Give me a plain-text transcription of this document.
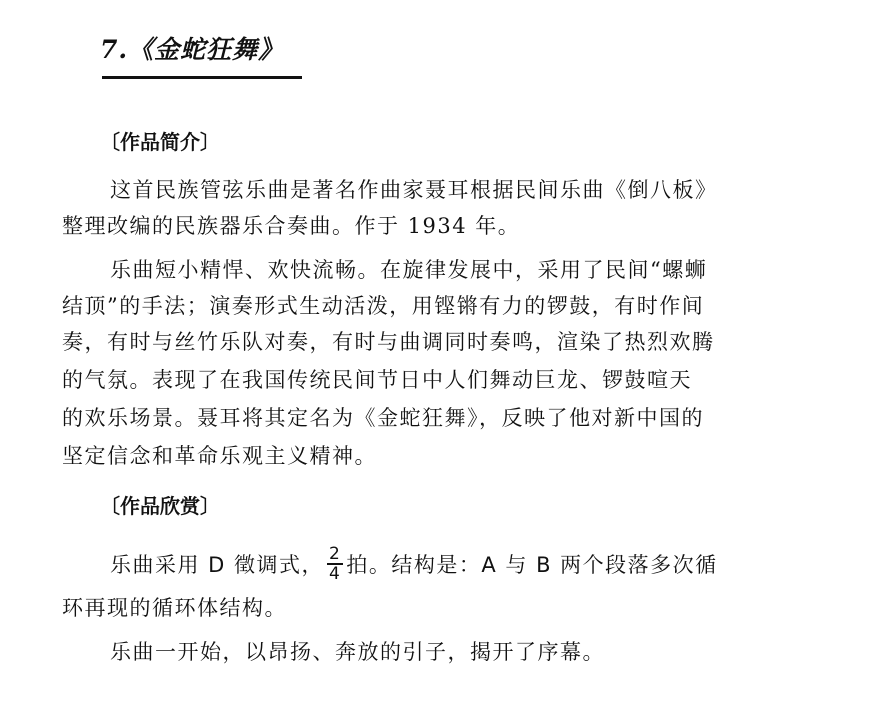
7.《金蛇狂舞》
〔作品简介〕
这首民族管弦乐曲是著名作曲家聂耳根据民间乐曲《倒八板》
整理改编的民族器乐合奏曲。作于 1934 年。
乐曲短小精悍、欢快流畅。在旋律发展中，采用了民间“螺蛳
结顶”的手法；演奏形式生动活泼，用铿锵有力的锣鼓，有时作间
奏，有时与丝竹乐队对奏，有时与曲调同时奏鸣，渲染了热烈欢腾
的气氛。表现了在我国传统民间节日中人们舞动巨龙、锣鼓喧天
的欢乐场景。聂耳将其定名为《金蛇狂舞》，反映了他对新中国的
坚定信念和革命乐观主义精神。
〔作品欣赏〕
乐曲采用 D 徵调式， $\frac{2}{4}$ 拍。结构是：A 与 B 两个段落多次循
环再现的循环体结构。
乐曲一开始，以昂扬、奔放的引子，揭开了序幕。
